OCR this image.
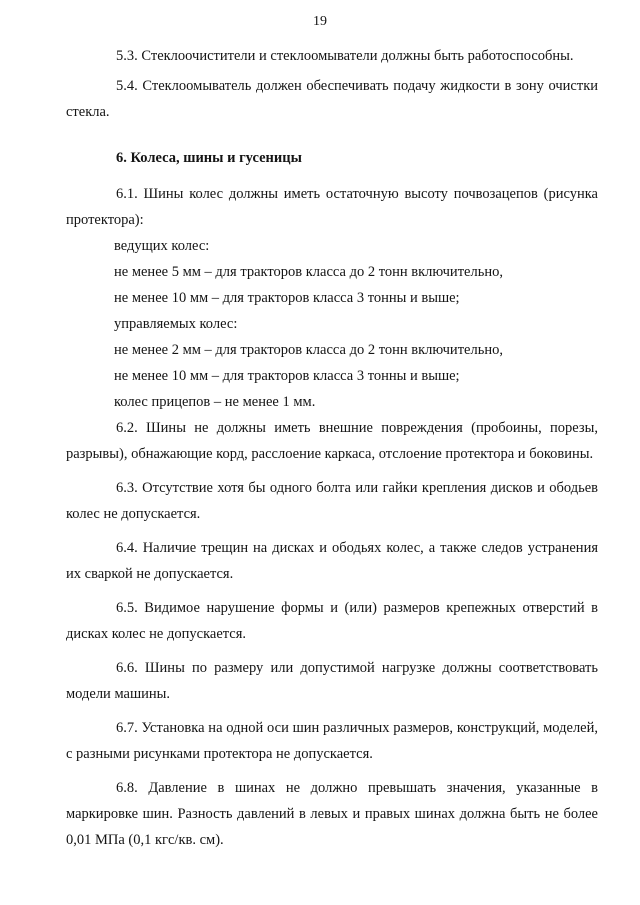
19

5.3. Стеклоочистители и стеклоомыватели должны быть работоспособны.

5.4. Стеклоомыватель должен обеспечивать подачу жидкости в зону очистки стекла.

6. Колеса, шины и гусеницы

6.1. Шины колес должны иметь остаточную высоту почвозацепов (рисунка протектора):

ведущих колес:

не менее 5 мм – для тракторов класса до 2 тонн включительно,

не менее 10 мм – для тракторов класса 3 тонны и выше;

управляемых колес:

не менее 2 мм – для тракторов класса до 2 тонн включительно,

не менее 10 мм – для тракторов класса 3 тонны и выше;

колес прицепов – не менее 1 мм.

6.2. Шины не должны иметь внешние повреждения (пробоины, порезы, разрывы), обнажающие корд, расслоение каркаса, отслоение протектора и боковины.

6.3. Отсутствие хотя бы одного болта или гайки крепления дисков и ободьев колес не допускается.

6.4. Наличие трещин на дисках и ободьях колес, а также следов устранения их сваркой не допускается.

6.5. Видимое нарушение формы и (или) размеров крепежных отверстий в дисках колес не допускается.

6.6. Шины по размеру или допустимой нагрузке должны соответствовать модели машины.

6.7. Установка на одной оси шин различных размеров, конструкций, моделей, с разными рисунками протектора не допускается.

6.8. Давление в шинах не должно превышать значения, указанные в маркировке шин. Разность давлений в левых и правых шинах должна быть не более 0,01 МПа (0,1 кгс/кв. см).
